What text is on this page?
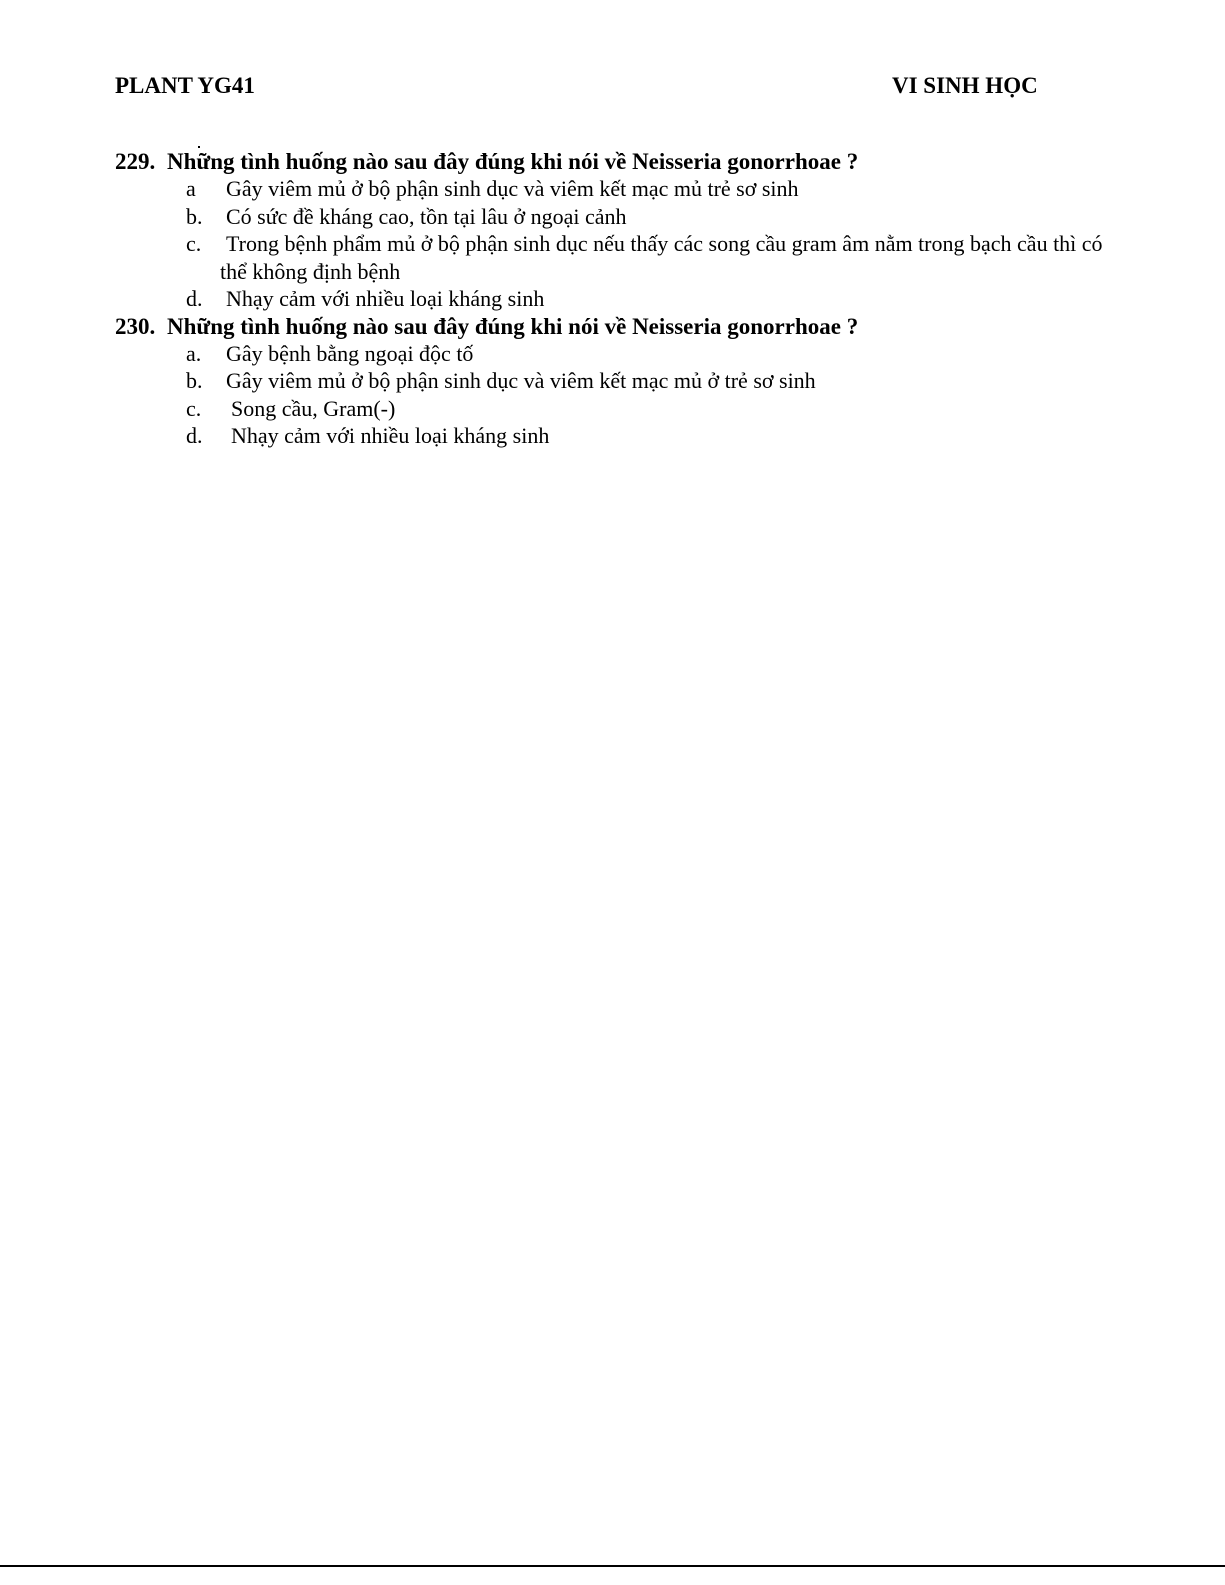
PLANT YG41	VI SINH HỌC
229. Những tình huống nào sau đây đúng khi nói về Neisseria gonorrhoae ?
a	Gây viêm mủ ở bộ phận sinh dục và viêm kết mạc mủ trẻ sơ sinh
b.	Có sức đề kháng cao, tồn tại lâu ở ngoại cảnh
c.	Trong bệnh phẩm mủ ở bộ phận sinh dục nếu thấy các song cầu gram âm nằm trong bạch cầu thì có thể không định bệnh
d.	Nhạy cảm với nhiều loại kháng sinh
230. Những tình huống nào sau đây đúng khi nói về Neisseria gonorrhoae ?
a.	Gây bệnh bằng ngoại độc tố
b.	Gây viêm mủ ở bộ phận sinh dục và viêm kết mạc mủ ở trẻ sơ sinh
c.	Song cầu, Gram(-)
d.	Nhạy cảm với nhiều loại kháng sinh
